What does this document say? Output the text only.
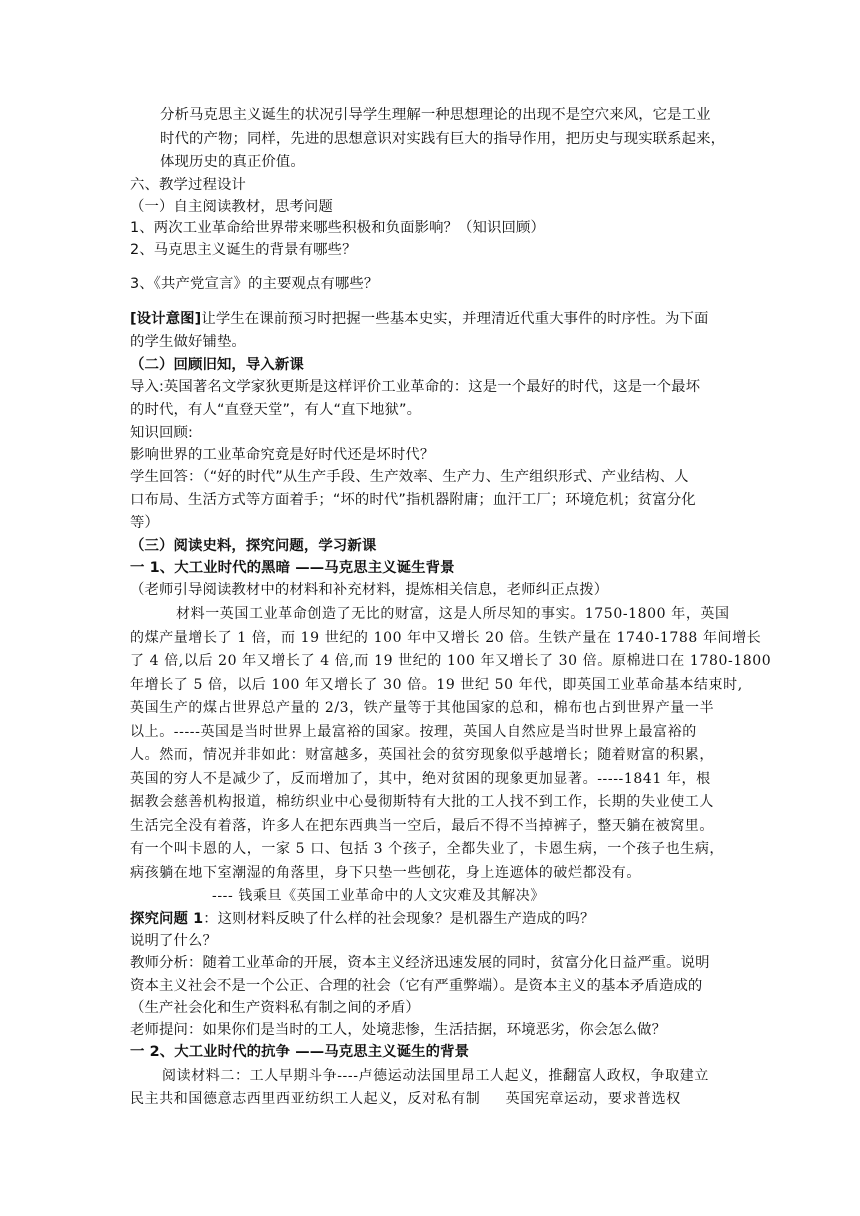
分析马克思主义诞生的状况引导学生理解一种思想理论的出现不是空穴来风，它是工业
时代的产物；同样，先进的思想意识对实践有巨大的指导作用，把历史与现实联系起来，
体现历史的真正价值。
六、教学过程设计
（一）自主阅读教材，思考问题
1、两次工业革命给世界带来哪些积极和负面影响？（知识回顾）
2、马克思主义诞生的背景有哪些？
3、《共产党宣言》的主要观点有哪些？
[设计意图]让学生在课前预习时把握一些基本史实，并理清近代重大事件的时序性。为下面
的学生做好铺垫。
（二）回顾旧知，导入新课
导入:英国著名文学家狄更斯是这样评价工业革命的：这是一个最好的时代，这是一个最坏
的时代，有人“直登天堂”，有人“直下地狱”。
知识回顾:
影响世界的工业革命究竟是好时代还是坏时代？
学生回答：（“好的时代”从生产手段、生产效率、生产力、生产组织形式、产业结构、人
口布局、生活方式等方面着手；“坏的时代”指机器附庸；血汗工厂；环境危机；贫富分化
等）
（三）阅读史料，探究问题，学习新课
一 1、大工业时代的黑暗 ——马克思主义诞生背景
（老师引导阅读教材中的材料和补充材料，提炼相关信息，老师纠正点拨）
材料一英国工业革命创造了无比的财富，这是人所尽知的事实。1750-1800 年，英国
的煤产量增长了 1 倍，而 19 世纪的 100 年中又增长 20 倍。生铁产量在 1740-1788 年间增长
了 4 倍,以后 20 年又增长了 4 倍,而 19 世纪的 100 年又增长了 30 倍。原棉进口在 1780-1800
年增长了 5 倍，以后 100 年又增长了 30 倍。19 世纪 50 年代，即英国工业革命基本结束时,
英国生产的煤占世界总产量的 2/3，铁产量等于其他国家的总和，棉布也占到世界产量一半
以上。-----英国是当时世界上最富裕的国家。按理，英国人自然应是当时世界上最富裕的
人。然而，情况并非如此：财富越多，英国社会的贫穷现象似乎越增长；随着财富的积累，
英国的穷人不是减少了，反而增加了，其中，绝对贫困的现象更加显著。-----1841 年，根
据教会慈善机构报道，棉纺织业中心曼彻斯特有大批的工人找不到工作，长期的失业使工人
生活完全没有着落，许多人在把东西典当一空后，最后不得不当掉裤子，整天躺在被窝里。
有一个叫卡恩的人，一家 5 口、包括 3 个孩子，全都失业了，卡恩生病，一个孩子也生病，
病孩躺在地下室潮湿的角落里，身下只垫一些刨花，身上连遮体的破烂都没有。
---- 钱乘旦《英国工业革命中的人文灾难及其解决》
探究问题 1：这则材料反映了什么样的社会现象？是机器生产造成的吗？
说明了什么？
教师分析：随着工业革命的开展，资本主义经济迅速发展的同时，贫富分化日益严重。说明
资本主义社会不是一个公正、合理的社会（它有严重弊端）。是资本主义的基本矛盾造成的
（生产社会化和生产资料私有制之间的矛盾）
老师提问：如果你们是当时的工人，处境悲惨，生活拮据，环境恶劣，你会怎么做？
一 2、大工业时代的抗争 ——马克思主义诞生的背景
阅读材料二：工人早期斗争----卢德运动法国里昂工人起义，推翻富人政权，争取建立
民主共和国德意志西里西亚纺织工人起义，反对私有制     英国宪章运动，要求普选权
